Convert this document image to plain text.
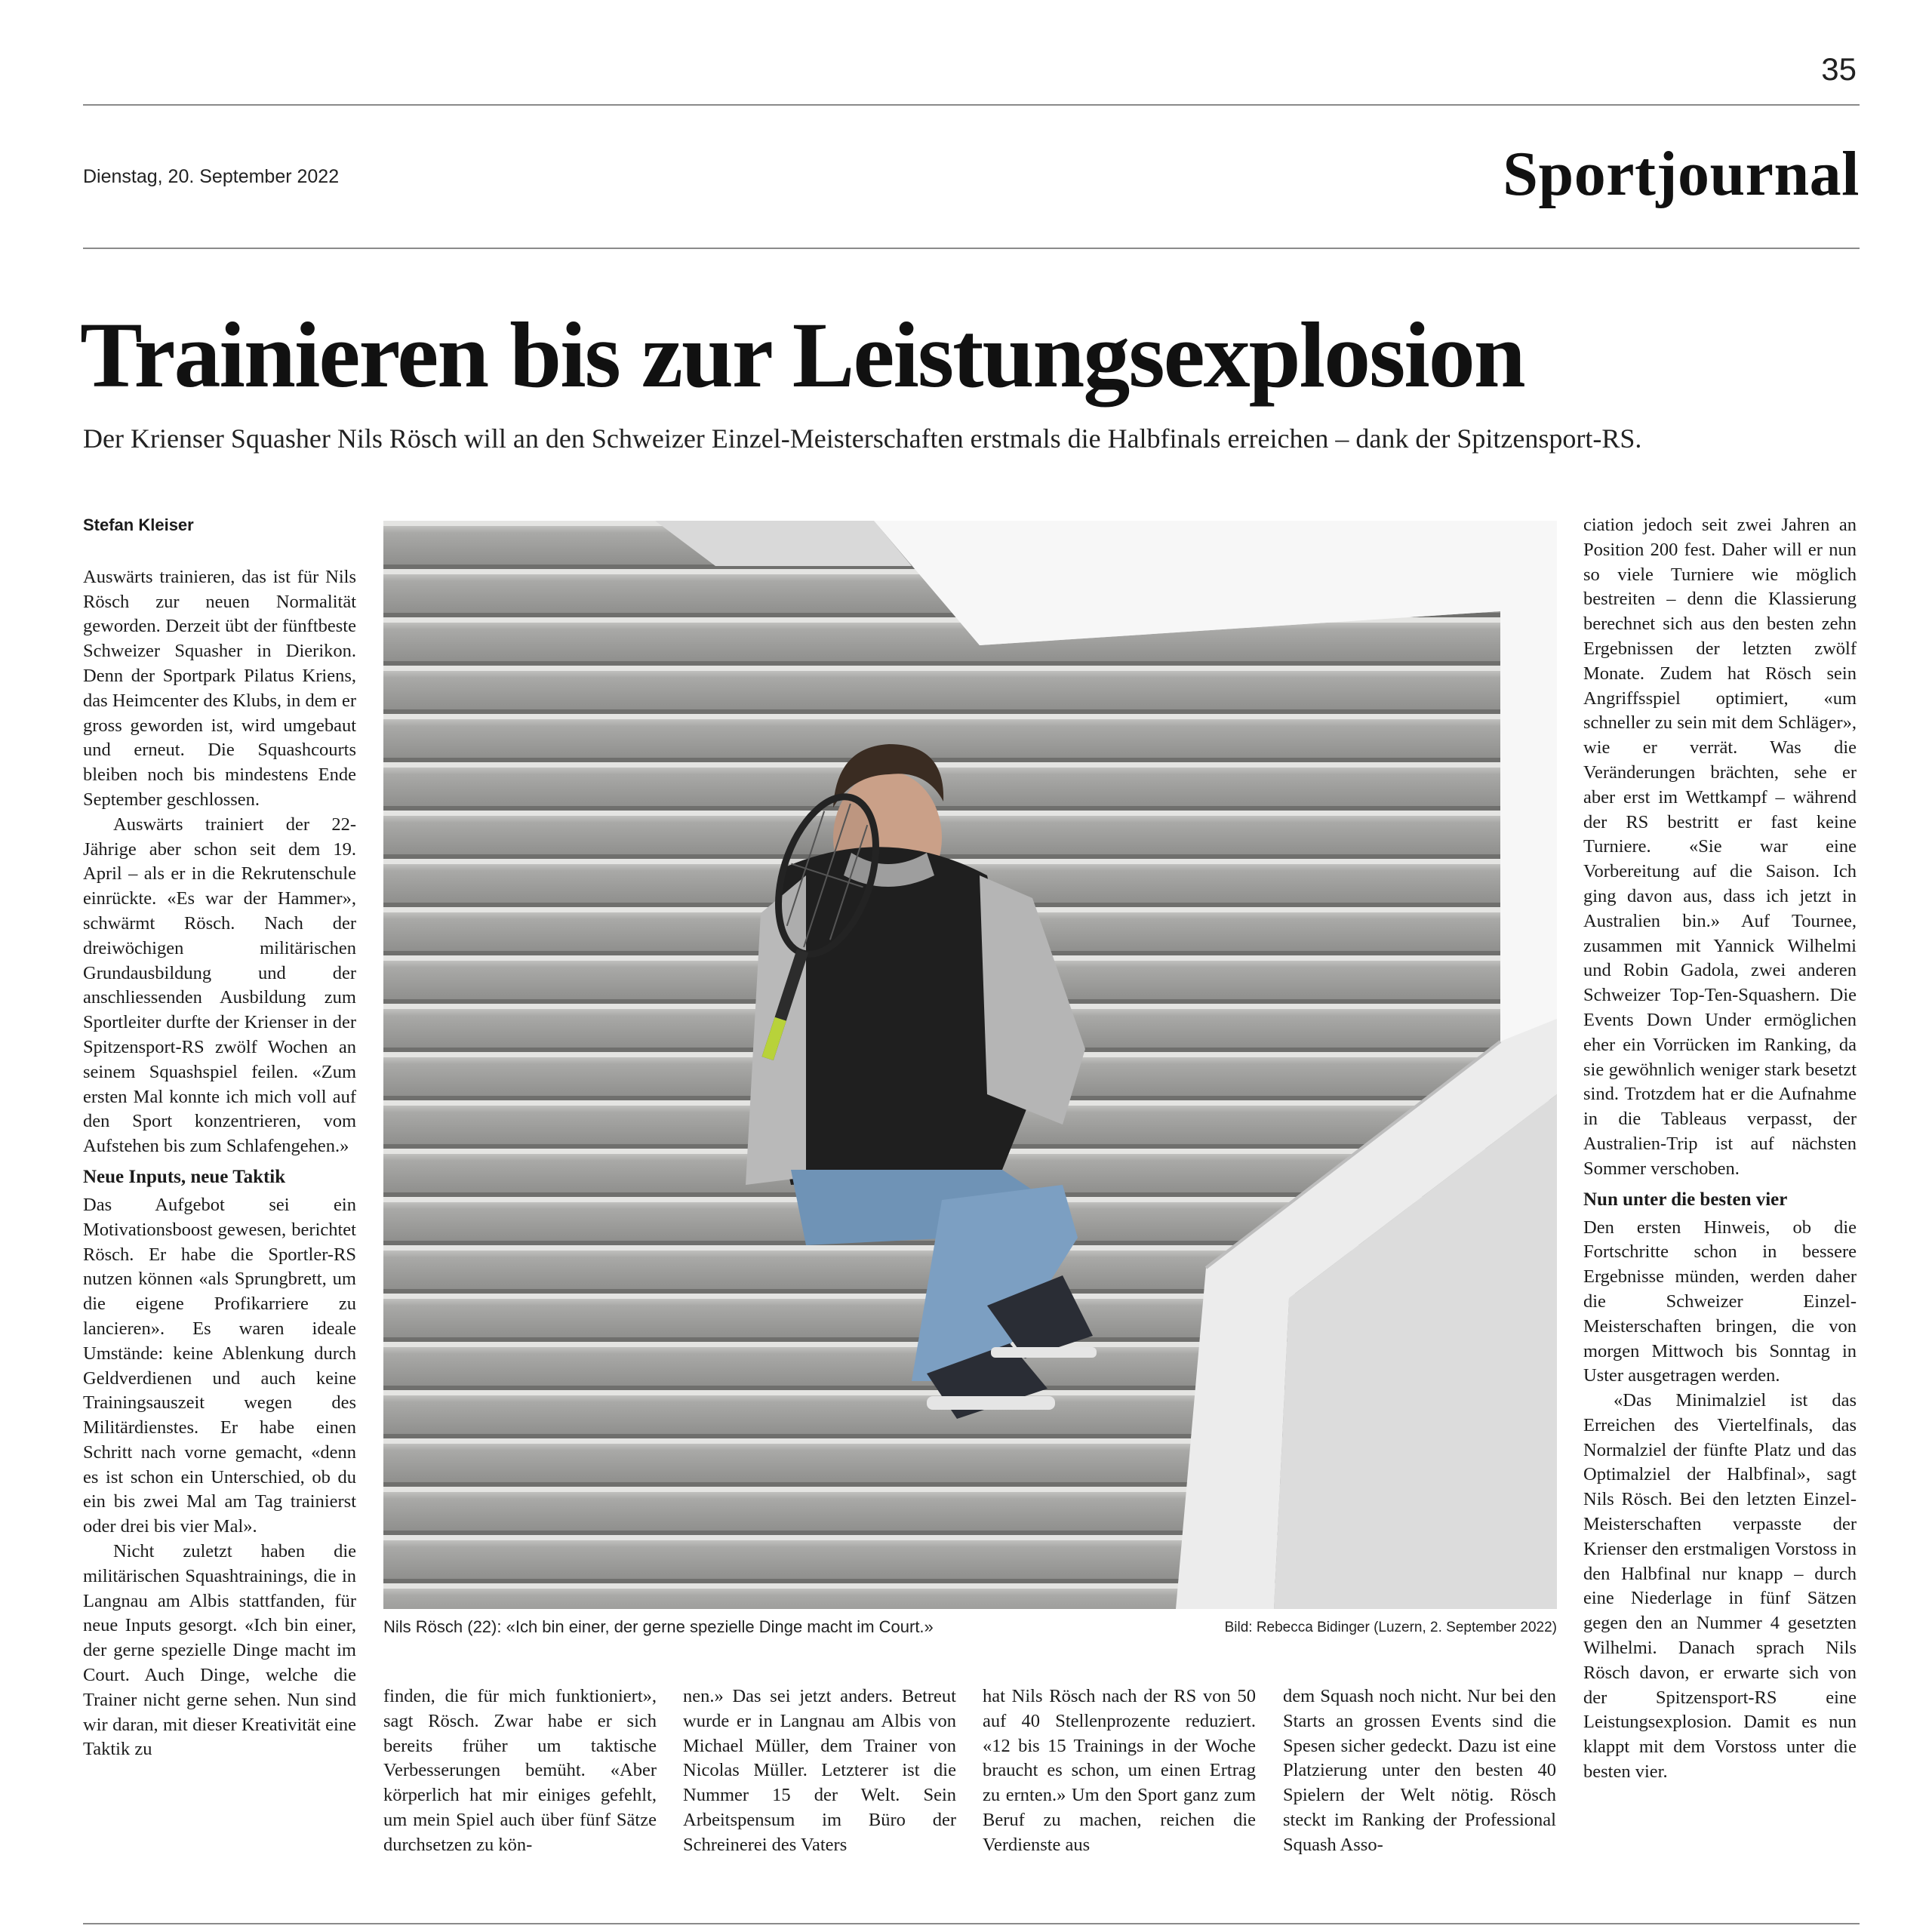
35
Dienstag, 20. September 2022	Sportjournal
Trainieren bis zur Leistungsexplosion
Der Krienser Squasher Nils Rösch will an den Schweizer Einzel-Meisterschaften erstmals die Halbfinals erreichen – dank der Spitzensport-RS.
Stefan Kleiser

Auswärts trainieren, das ist für Nils Rösch zur neuen Normalität geworden. Derzeit übt der fünftbeste Schweizer Squasher in Dierikon. Denn der Sportpark Pilatus Kriens, das Heimcenter des Klubs, in dem er gross geworden ist, wird umgebaut und erneut. Die Squashcourts bleiben noch bis mindestens Ende September geschlossen.

Auswärts trainiert der 22-Jährige aber schon seit dem 19. April – als er in die Rekrutenschule einrückte. «Es war der Hammer», schwärmt Rösch. Nach der dreiwöchigen militärischen Grundausbildung und der anschliessenden Ausbildung zum Sportleiter durfte der Krienser in der Spitzensport-RS zwölf Wochen an seinem Squashspiel feilen. «Zum ersten Mal konnte ich mich voll auf den Sport konzentrieren, vom Aufstehen bis zum Schlafengehen.»

Neue Inputs, neue Taktik

Das Aufgebot sei ein Motivationsboost gewesen, berichtet Rösch. Er habe die Sportler-RS nutzen können «als Sprungbrett, um die eigene Profikarriere zu lancieren». Es waren ideale Umstände: keine Ablenkung durch Geldverdienen und auch keine Trainingsauszeit wegen des Militärdienstes. Er habe einen Schritt nach vorne gemacht, «denn es ist schon ein Unterschied, ob du ein bis zwei Mal am Tag trainierst oder drei bis vier Mal».

Nicht zuletzt haben die militärischen Squashtrainings, die in Langnau am Albis stattfanden, für neue Inputs gesorgt. «Ich bin einer, der gerne spezielle Dinge macht im Court. Auch Dinge, welche die Trainer nicht gerne sehen. Nun sind wir daran, mit dieser Kreativität eine Taktik zu

Nils Rösch (22): «Ich bin einer, der gerne spezielle Dinge macht im Court.»	Bild: Rebecca Bidinger (Luzern, 2. September 2022)

finden, die für mich funktioniert», sagt Rösch. Zwar habe er sich bereits früher um taktische Verbesserungen bemüht. «Aber körperlich hat mir einiges gefehlt, um mein Spiel auch über fünf Sätze durchsetzen zu kön-

nen.» Das sei jetzt anders. Betreut wurde er in Langnau am Albis von Michael Müller, dem Trainer von Nicolas Müller. Letzterer ist die Nummer 15 der Welt. Sein Arbeitspensum im Büro der Schreinerei des Vaters

hat Nils Rösch nach der RS von 50 auf 40 Stellenprozente reduziert. «12 bis 15 Trainings in der Woche braucht es schon, um einen Ertrag zu ernten.» Um den Sport ganz zum Beruf zu machen, reichen die Verdienste aus

dem Squash noch nicht. Nur bei den Starts an grossen Events sind die Spesen sicher gedeckt. Dazu ist eine Platzierung unter den besten 40 Spielern der Welt nötig. Rösch steckt im Ranking der Professional Squash Asso-

ciation jedoch seit zwei Jahren an Position 200 fest. Daher will er nun so viele Turniere wie möglich bestreiten – denn die Klassierung berechnet sich aus den besten zehn Ergebnissen der letzten zwölf Monate. Zudem hat Rösch sein Angriffsspiel optimiert, «um schneller zu sein mit dem Schläger», wie er verrät. Was die Veränderungen brächten, sehe er aber erst im Wettkampf – während der RS bestritt er fast keine Turniere. «Sie war eine Vorbereitung auf die Saison. Ich ging davon aus, dass ich jetzt in Australien bin.» Auf Tournee, zusammen mit Yannick Wilhelmi und Robin Gadola, zwei anderen Schweizer Top-Ten-Squashern. Die Events Down Under ermöglichen eher ein Vorrücken im Ranking, da sie gewöhnlich weniger stark besetzt sind. Trotzdem hat er die Aufnahme in die Tableaus verpasst, der Australien-Trip ist auf nächsten Sommer verschoben.

Nun unter die besten vier

Den ersten Hinweis, ob die Fortschritte schon in bessere Ergebnisse münden, werden daher die Schweizer Einzel-Meisterschaften bringen, die von morgen Mittwoch bis Sonntag in Uster ausgetragen werden.

«Das Minimalziel ist das Erreichen des Viertelfinals, das Normalziel der fünfte Platz und das Optimalziel der Halbfinal», sagt Nils Rösch. Bei den letzten Einzel-Meisterschaften verpasste der Krienser den erstmaligen Vorstoss in den Halbfinal nur knapp – durch eine Niederlage in fünf Sätzen gegen den an Nummer 4 gesetzten Wilhelmi. Danach sprach Nils Rösch davon, er erwarte sich von der Spitzensport-RS eine Leistungsexplosion. Damit es nun klappt mit dem Vorstoss unter die besten vier.
